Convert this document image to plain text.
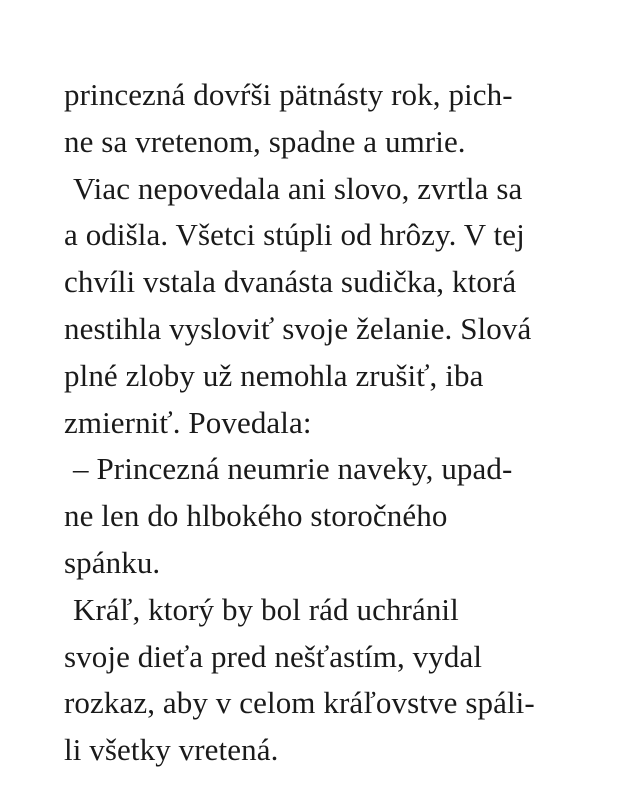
princezná dovŕši pätnásty rok, pich-
ne sa vretenom, spadne a umrie.
Viac nepovedala ani slovo, zvrtla sa
a odišla. Všetci stúpli od hrôzy. V tej
chvíli vstala dvanásta sudička, ktorá
nestihla vysloviť svoje želanie. Slová
plné zloby už nemohla zrušiť, iba
zmierniť. Povedala:
– Princezná neumrie naveky, upad-
ne len do hlbokého storočného
spánku.
Kráľ, ktorý by bol rád uchránil
svoje dieťa pred nešťastím, vydal
rozkaz, aby v celom kráľovstve spáli-
li všetky vretená.
